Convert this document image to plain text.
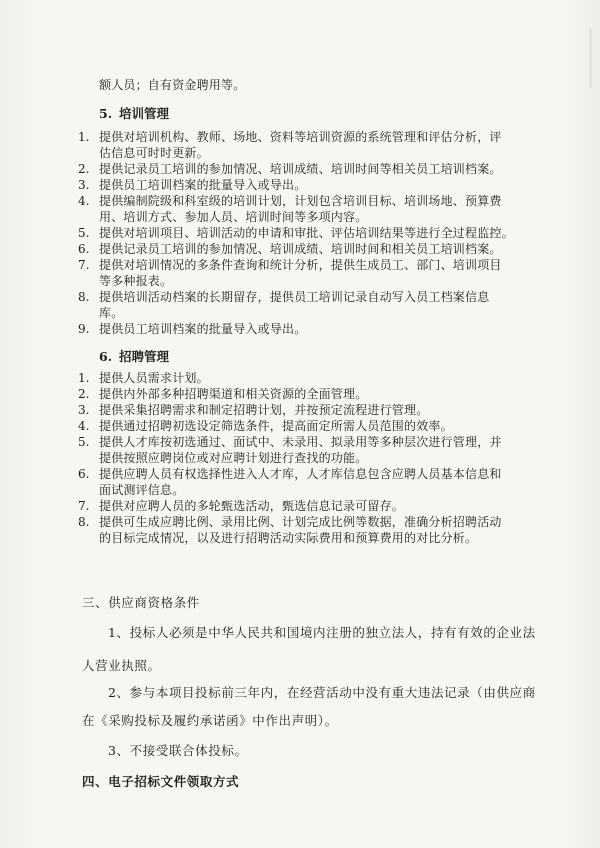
额人员；自有资金聘用等。
5. 培训管理
1. 提供对培训机构、教师、场地、资料等培训资源的系统管理和评估分析，评
估信息可时时更新。
2. 提供记录员工培训的参加情况、培训成绩、培训时间等相关员工培训档案。
3. 提供员工培训档案的批量导入或导出。
4. 提供编制院级和科室级的培训计划，计划包含培训目标、培训场地、预算费
用、培训方式、参加人员、培训时间等多项内容。
5. 提供对培训项目、培训活动的申请和审批、评估培训结果等进行全过程监控。
6. 提供记录员工培训的参加情况、培训成绩、培训时间和相关员工培训档案。
7. 提供对培训情况的多条件查询和统计分析，提供生成员工、部门、培训项目
等多种报表。
8. 提供培训活动档案的长期留存，提供员工培训记录自动写入员工档案信息
库。
9. 提供员工培训档案的批量导入或导出。
6. 招聘管理
1. 提供人员需求计划。
2. 提供内外部多种招聘渠道和相关资源的全面管理。
3. 提供采集招聘需求和制定招聘计划，并按预定流程进行管理。
4. 提供通过招聘初选设定筛选条件，提高面定所需人员范围的效率。
5. 提供人才库按初选通过、面试中、未录用、拟录用等多种层次进行管理，并
提供按照应聘岗位或对应聘计划进行查找的功能。
6. 提供应聘人员有权选择性进入人才库，人才库信息包含应聘人员基本信息和
面试测评信息。
7. 提供对应聘人员的多轮甄选活动，甄选信息记录可留存。
8. 提供可生成应聘比例、录用比例、计划完成比例等数据，准确分析招聘活动
的目标完成情况，以及进行招聘活动实际费用和预算费用的对比分析。
三、供应商资格条件
1、投标人必须是中华人民共和国境内注册的独立法人，持有有效的企业法
人营业执照。
2、参与本项目投标前三年内，在经营活动中没有重大违法记录（由供应商
在《采购投标及履约承诺函》中作出声明）。
3、不接受联合体投标。
四、电子招标文件领取方式
